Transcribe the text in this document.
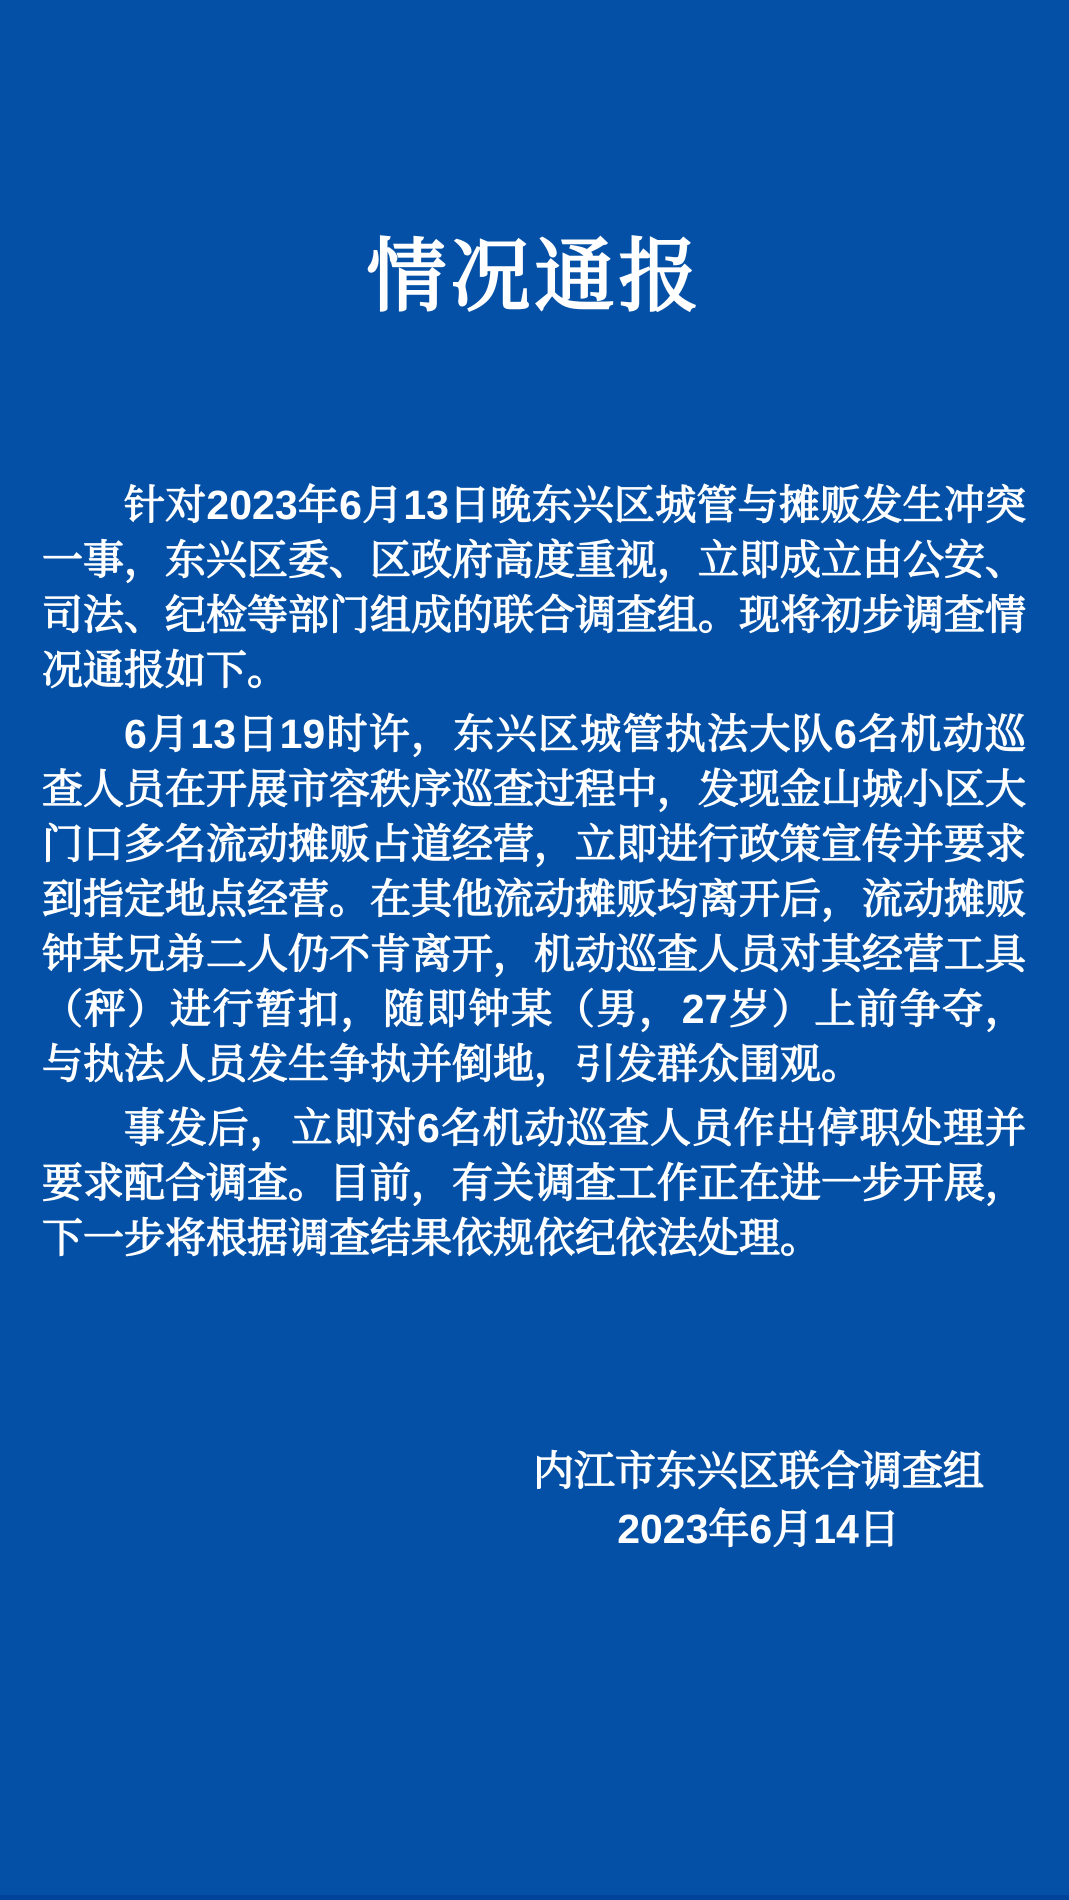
情况通报

针对2023年6月13日晚东兴区城管与摊贩发生冲突一事，东兴区委、区政府高度重视，立即成立由公安、司法、纪检等部门组成的联合调查组。现将初步调查情况通报如下。

6月13日19时许，东兴区城管执法大队6名机动巡查人员在开展市容秩序巡查过程中，发现金山城小区大门口多名流动摊贩占道经营，立即进行政策宣传并要求到指定地点经营。在其他流动摊贩均离开后，流动摊贩钟某兄弟二人仍不肯离开，机动巡查人员对其经营工具（秤）进行暂扣，随即钟某（男，27岁）上前争夺，与执法人员发生争执并倒地，引发群众围观。

事发后，立即对6名机动巡查人员作出停职处理并要求配合调查。目前，有关调查工作正在进一步开展，下一步将根据调查结果依规依纪依法处理。

内江市东兴区联合调查组
2023年6月14日
